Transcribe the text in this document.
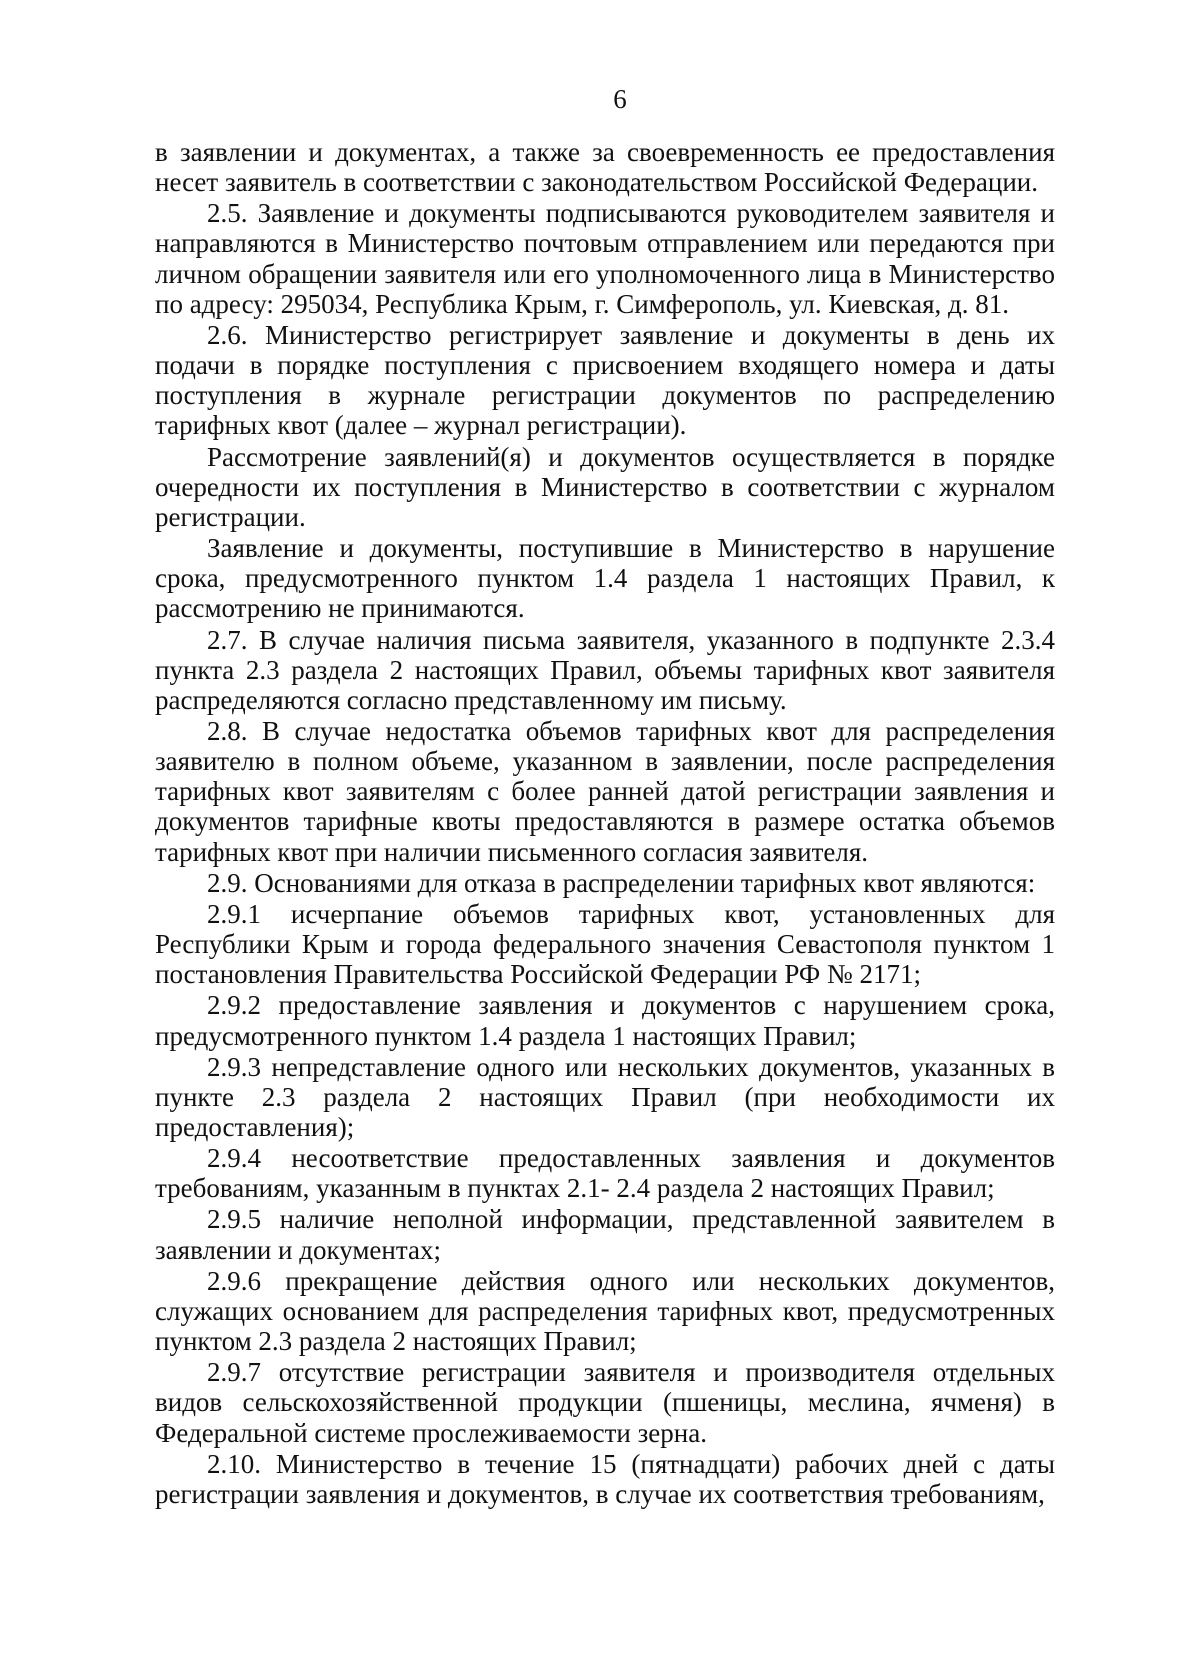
6

в заявлении и документах, а также за своевременность ее предоставления несет заявитель в соответствии с законодательством Российской Федерации.

2.5. Заявление и документы подписываются руководителем заявителя и направляются в Министерство почтовым отправлением или передаются при личном обращении заявителя или его уполномоченного лица в Министерство по адресу: 295034, Республика Крым, г. Симферополь, ул. Киевская, д. 81.

2.6. Министерство регистрирует заявление и документы в день их подачи в порядке поступления с присвоением входящего номера и даты поступления в журнале регистрации документов по распределению тарифных квот (далее – журнал регистрации).

Рассмотрение заявлений(я) и документов осуществляется в порядке очередности их поступления в Министерство в соответствии с журналом регистрации.

Заявление и документы, поступившие в Министерство в нарушение срока, предусмотренного пунктом 1.4 раздела 1 настоящих Правил, к рассмотрению не принимаются.

2.7. В случае наличия письма заявителя, указанного в подпункте 2.3.4 пункта 2.3 раздела 2 настоящих Правил, объемы тарифных квот заявителя распределяются согласно представленному им письму.

2.8. В случае недостатка объемов тарифных квот для распределения заявителю в полном объеме, указанном в заявлении, после распределения тарифных квот заявителям с более ранней датой регистрации заявления и документов тарифные квоты предоставляются в размере остатка объемов тарифных квот при наличии письменного согласия заявителя.

2.9. Основаниями для отказа в распределении тарифных квот являются:

2.9.1 исчерпание объемов тарифных квот, установленных для Республики Крым и города федерального значения Севастополя пунктом 1 постановления Правительства Российской Федерации РФ № 2171;

2.9.2 предоставление заявления и документов с нарушением срока, предусмотренного пунктом 1.4 раздела 1 настоящих Правил;

2.9.3 непредставление одного или нескольких документов, указанных в пункте 2.3 раздела 2 настоящих Правил (при необходимости их предоставления);

2.9.4 несоответствие предоставленных заявления и документов требованиям, указанным в пунктах 2.1- 2.4 раздела 2 настоящих Правил;

2.9.5 наличие неполной информации, представленной заявителем в заявлении и документах;

2.9.6 прекращение действия одного или нескольких документов, служащих основанием для распределения тарифных квот, предусмотренных пунктом 2.3 раздела 2 настоящих Правил;

2.9.7 отсутствие регистрации заявителя и производителя отдельных видов сельскохозяйственной продукции (пшеницы, меслина, ячменя) в Федеральной системе прослеживаемости зерна.

2.10. Министерство в течение 15 (пятнадцати) рабочих дней с даты регистрации заявления и документов, в случае их соответствия требованиям,
